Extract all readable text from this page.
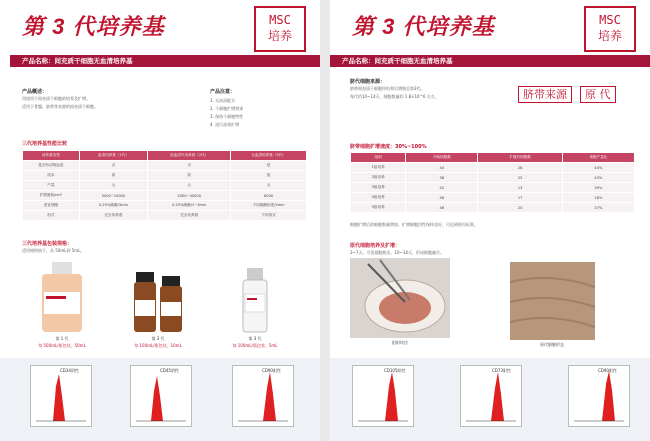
第 3 代培养基	MSC
培养
产品名称：间充质干细胞无血清培养基
产品概述：
用途用于间充质干细胞的培养及扩增。
适用于骨髓、脐带等来源的间充质干细胞。
产品注意：
1. 无血清配方
2. 干细胞扩增效果
3. 保持干细胞特性
4. 进行高效扩增
三代培养基性能比较
培养基类型	血清培养基（1代）	低血清代培养基（2代）	无血清培养基（3代）
是否有动物血清	否	否	是
成本	高	高	低
产量	大	大	大
扩增面积/cm²	5000~10000	5000~40000	8000
适宜细胞	0.25%胰酶/3min	0.25%胰酶/1~3min	不同胰酶浓度/2min
形式	完全培养基	完全培养基	不同形式
三代培养基包装规格：
适用规格如下，从 50mL到 5mL。
第 1 代
每 500mL/瓶包装，50mL
第 3 代
每 100mL/瓶包装，10mL
第 3 代
每 100mL/瓶包装，5mL
CD34阴性	CD45阴性	CD90阳性
第 3 代培养基	MSC
培养
产品名称：间充质干细胞无血清培养基
脐代细胞来源：
脐带间充质干细胞经培养后增殖至第3代。
每代约10~14天，细胞数量约 1.8×10^6 左右。	脐带来源	原 代
脐带细胞扩增速度：30%~100%
组别	开始细胞数	扩增后细胞数	细胞产量比
1组培养	44	28	44%
2组培养	38	25	43%
3组培养	42	13	39%
4组培养	48	17	28%
5组培养	46	20	37%
细胞扩增后的细胞数量增加，扩增细胞活性保持良好，可达到相关标准。
原代细胞培养及扩增：
3~7天，可见细胞爬出，10~14天，形成细胞融合。
组织块法	原代细胞形态
CD105阳性	CD73阳性	CD90阳性
